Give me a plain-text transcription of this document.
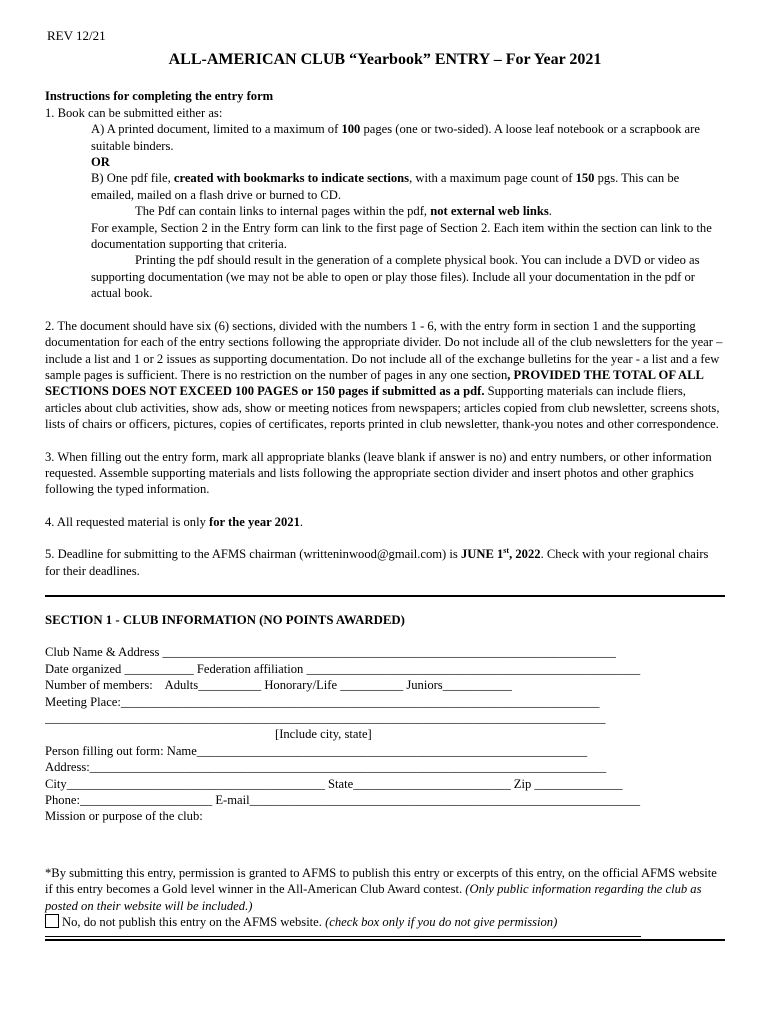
REV 12/21
ALL-AMERICAN CLUB “Yearbook” ENTRY – For Year 2021
Instructions for completing the entry form
1. Book can be submitted either as:
A) A printed document, limited to a maximum of 100 pages (one or two-sided). A loose leaf notebook or a scrapbook are suitable binders.
OR
B) One pdf file, created with bookmarks to indicate sections, with a maximum page count of 150 pgs. This can be emailed, mailed on a flash drive or burned to CD.
The Pdf can contain links to internal pages within the pdf, not external web links.
For example, Section 2 in the Entry form can link to the first page of Section 2. Each item within the section can link to the documentation supporting that criteria.
Printing the pdf should result in the generation of a complete physical book. You can include a DVD or video as supporting documentation (we may not be able to open or play those files). Include all your documentation in the pdf or actual book.
2. The document should have six (6) sections, divided with the numbers 1 - 6, with the entry form in section 1 and the supporting documentation for each of the entry sections following the appropriate divider. Do not include all of the club newsletters for the year – include a list and 1 or 2 issues as supporting documentation. Do not include all of the exchange bulletins for the year - a list and a few sample pages is sufficient. There is no restriction on the number of pages in any one section, PROVIDED THE TOTAL OF ALL SECTIONS DOES NOT EXCEED 100 PAGES or 150 pages if submitted as a pdf. Supporting materials can include fliers, articles about club activities, show ads, show or meeting notices from newspapers; articles copied from club newsletter, screens shots, lists of chairs or officers, pictures, copies of certificates, reports printed in club newsletter, thank-you notes and other correspondence.
3. When filling out the entry form, mark all appropriate blanks (leave blank if answer is no) and entry numbers, or other information requested. Assemble supporting materials and lists following the appropriate section divider and insert photos and other graphics following the typed information.
4. All requested material is only for the year 2021.
5. Deadline for submitting to the AFMS chairman (writteninwood@gmail.com) is JUNE 1st, 2022. Check with your regional chairs for their deadlines.
SECTION 1 - CLUB INFORMATION (NO POINTS AWARDED)
Club Name & Address ________________________________________________________________________
Date organized ___________ Federation affiliation _____________________________________________________
Number of members:    Adults__________ Honorary/Life __________ Juniors___________
Meeting Place:____________________________________________________________________________
_________________________________________________________________________________________
[Include city, state]
Person filling out form: Name______________________________________________________________
Address:__________________________________________________________________________________
City_________________________________________ State_________________________ Zip ______________
Phone:_____________________ E-mail______________________________________________________________
Mission or purpose of the club:
*By submitting this entry, permission is granted to AFMS to publish this entry or excerpts of this entry, on the official AFMS website if this entry becomes a Gold level winner in the All-American Club Award contest. (Only public information regarding the club as posted on their website will be included.)
No, do not publish this entry on the AFMS website. (check box only if you do not give permission)
